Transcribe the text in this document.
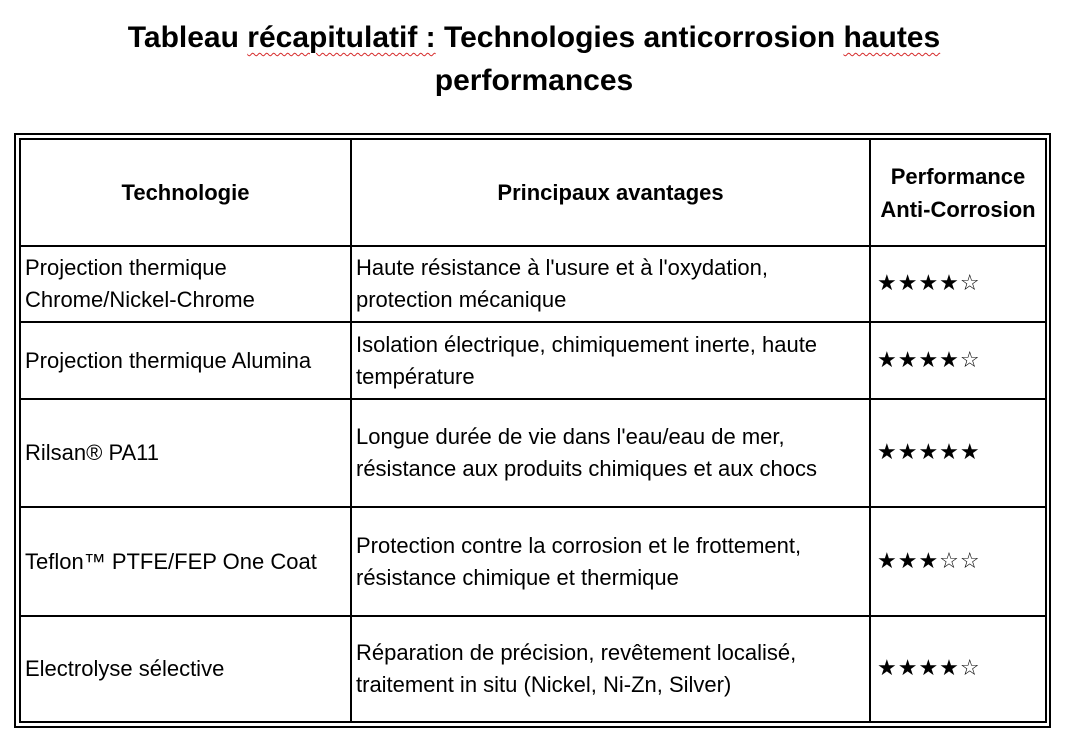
Tableau récapitulatif : Technologies anticorrosion hautes
performances
Technologie	Principaux avantages	Performance Anti-Corrosion
Projection thermique Chrome/Nickel-Chrome	Haute résistance à l'usure et à l'oxydation, protection mécanique	★★★★☆
Projection thermique Alumina	Isolation électrique, chimiquement inerte, haute température	★★★★☆
Rilsan® PA11	Longue durée de vie dans l'eau/eau de mer, résistance aux produits chimiques et aux chocs	★★★★★
Teflon™ PTFE/FEP One Coat	Protection contre la corrosion et le frottement, résistance chimique et thermique	★★★☆☆
Electrolyse sélective	Réparation de précision, revêtement localisé, traitement in situ (Nickel, Ni-Zn, Silver)	★★★★☆
